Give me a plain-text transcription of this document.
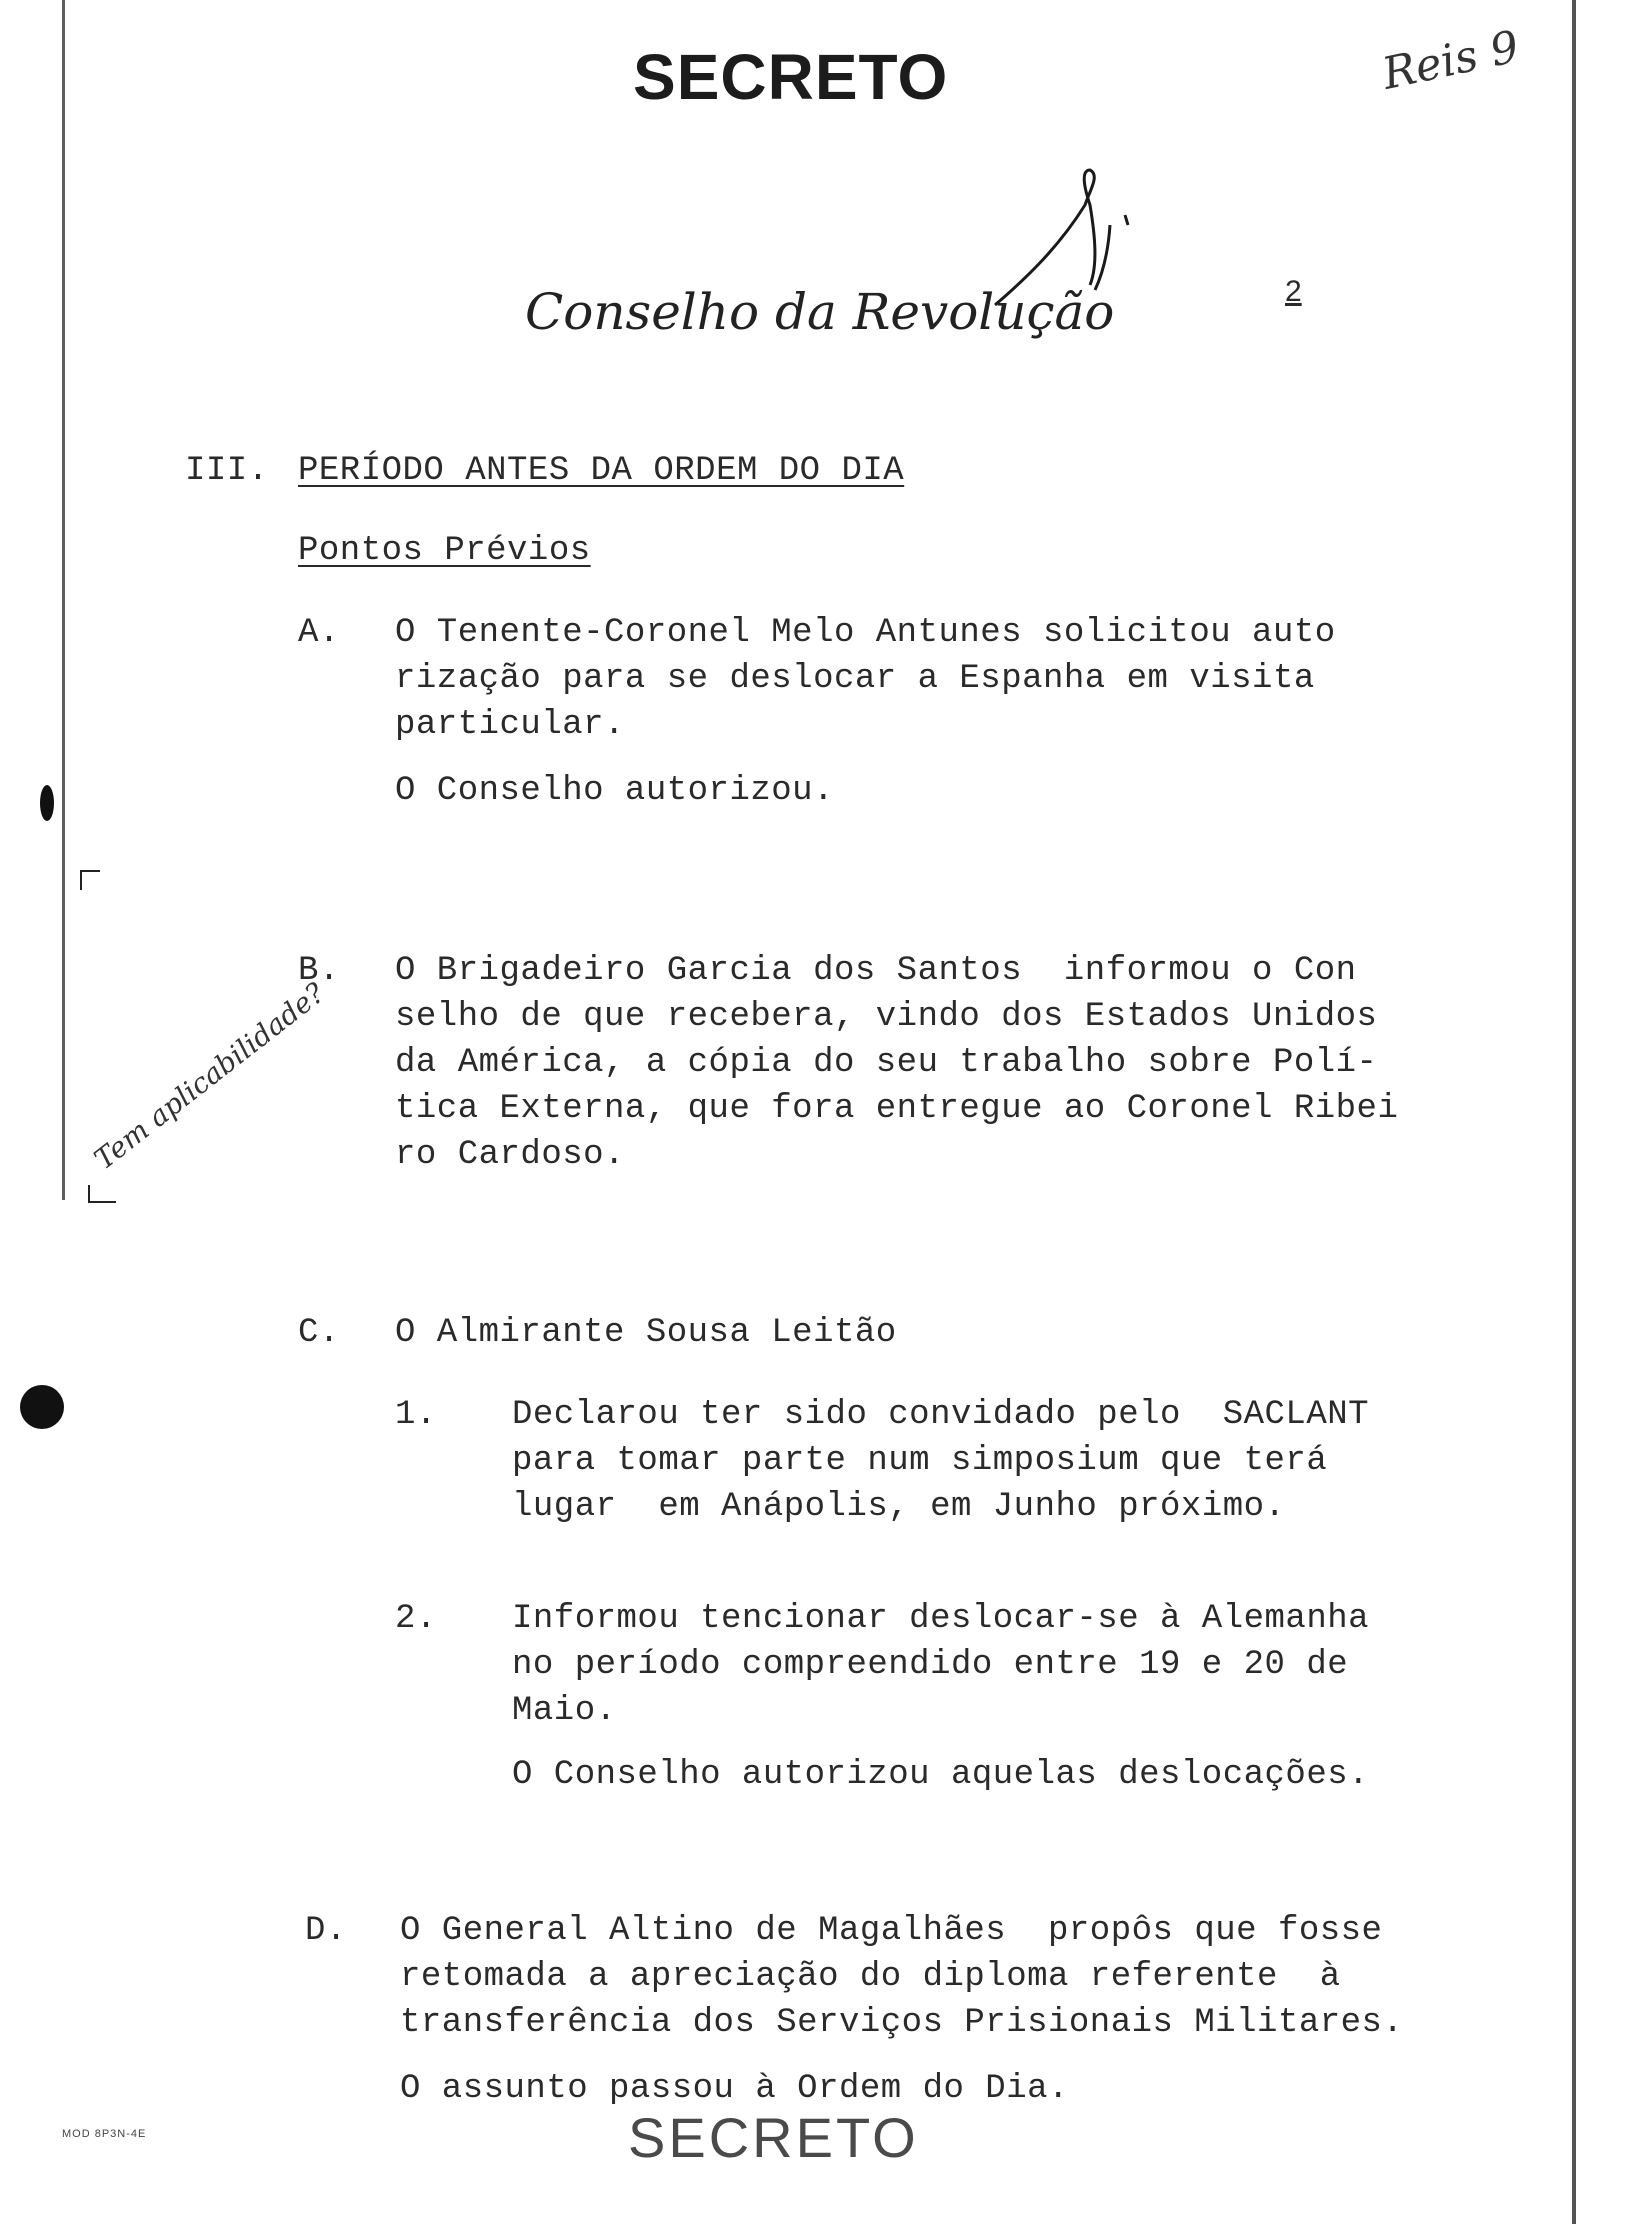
SECRETO	Reis 9
Conselho da Revolução	2
III. PERÍODO ANTES DA ORDEM DO DIA
Pontos Prévios
A. O Tenente-Coronel Melo Antunes solicitou auto
rização para se deslocar a Espanha em visita
particular.
O Conselho autorizou.
B. O Brigadeiro Garcia dos Santos  informou o Con
selho de que recebera, vindo dos Estados Unidos
da América, a cópia do seu trabalho sobre Polí-
tica Externa, que fora entregue ao Coronel Ribei
ro Cardoso.
Tem aplicabilidade?
C. O Almirante Sousa Leitão
1. Declarou ter sido convidado pelo  SACLANT
para tomar parte num simposium que terá
lugar  em Anápolis, em Junho próximo.
2. Informou tencionar deslocar-se à Alemanha
no período compreendido entre 19 e 20 de
Maio.
O Conselho autorizou aquelas deslocações.
D. O General Altino de Magalhães  propôs que fosse
retomada a apreciação do diploma referente  à
transferência dos Serviços Prisionais Militares.
O assunto passou à Ordem do Dia.
MOD 8P3N-4E	SECRETO
